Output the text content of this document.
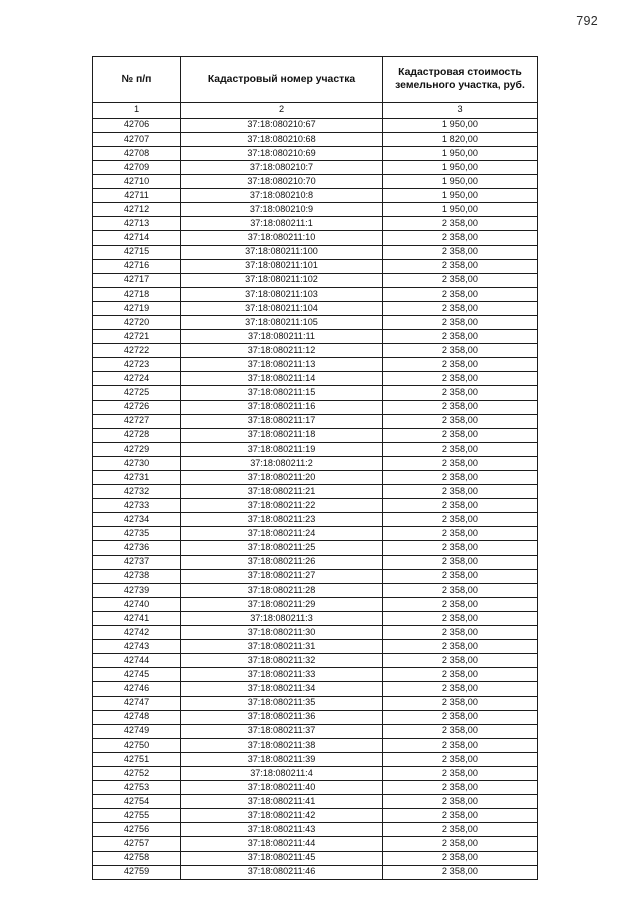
792
№ п/п	Кадастровый номер участка	Кадастровая стоимость
земельного участка, руб.

1	2	3
42706	37:18:080210:67	1 950,00
42707	37:18:080210:68	1 820,00
42708	37:18:080210:69	1 950,00
42709	37:18:080210:7	1 950,00
42710	37:18:080210:70	1 950,00
42711	37:18:080210:8	1 950,00
42712	37:18:080210:9	1 950,00
42713	37:18:080211:1	2 358,00
42714	37:18:080211:10	2 358,00
42715	37:18:080211:100	2 358,00
42716	37:18:080211:101	2 358,00
42717	37:18:080211:102	2 358,00
42718	37:18:080211:103	2 358,00
42719	37:18:080211:104	2 358,00
42720	37:18:080211:105	2 358,00
42721	37:18:080211:11	2 358,00
42722	37:18:080211:12	2 358,00
42723	37:18:080211:13	2 358,00
42724	37:18:080211:14	2 358,00
42725	37:18:080211:15	2 358,00
42726	37:18:080211:16	2 358,00
42727	37:18:080211:17	2 358,00
42728	37:18:080211:18	2 358,00
42729	37:18:080211:19	2 358,00
42730	37:18:080211:2	2 358,00
42731	37:18:080211:20	2 358,00
42732	37:18:080211:21	2 358,00
42733	37:18:080211:22	2 358,00
42734	37:18:080211:23	2 358,00
42735	37:18:080211:24	2 358,00
42736	37:18:080211:25	2 358,00
42737	37:18:080211:26	2 358,00
42738	37:18:080211:27	2 358,00
42739	37:18:080211:28	2 358,00
42740	37:18:080211:29	2 358,00
42741	37:18:080211:3	2 358,00
42742	37:18:080211:30	2 358,00
42743	37:18:080211:31	2 358,00
42744	37:18:080211:32	2 358,00
42745	37:18:080211:33	2 358,00
42746	37:18:080211:34	2 358,00
42747	37:18:080211:35	2 358,00
42748	37:18:080211:36	2 358,00
42749	37:18:080211:37	2 358,00
42750	37:18:080211:38	2 358,00
42751	37:18:080211:39	2 358,00
42752	37:18:080211:4	2 358,00
42753	37:18:080211:40	2 358,00
42754	37:18:080211:41	2 358,00
42755	37:18:080211:42	2 358,00
42756	37:18:080211:43	2 358,00
42757	37:18:080211:44	2 358,00
42758	37:18:080211:45	2 358,00
42759	37:18:080211:46	2 358,00
